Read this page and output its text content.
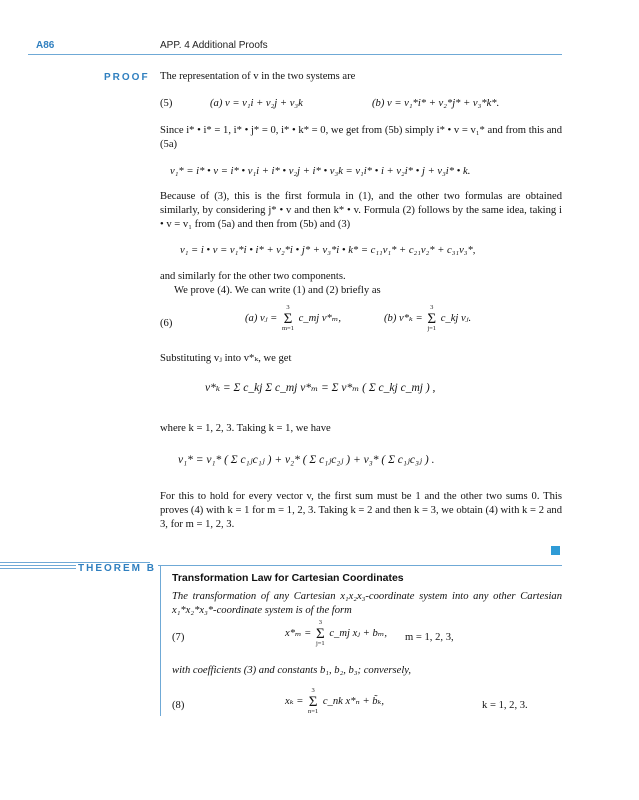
A86	APP. 4 Additional Proofs
PROOF The representation of v in the two systems are
(5)	(a) v = v₁i + v₂j + v₃k	(b) v = v₁*i* + v₂*j* + v₃*k*.
Since i* • i* = 1, i* • j* = 0, i* • k* = 0, we get from (5b) simply i* • v = v₁* and from this and (5a)
v₁* = i* • v = i* • v₁i + i* • v₂j + i* • v₃k = v₁i* • i + v₂i* • j + v₃i* • k.
Because of (3), this is the first formula in (1), and the other two formulas are obtained similarly, by considering j* • v and then k* • v. Formula (2) follows by the same idea, taking i • v = v₁ from (5a) and then from (5b) and (3)
v₁ = i • v = v₁*i • i* + v₂*i • j* + v₃*i • k* = c₁₁v₁* + c₂₁v₂* + c₃₁v₃*,
and similarly for the other two components.
We prove (4). We can write (1) and (2) briefly as
(6)	(a) vⱼ =
3
Σ
m=1
c_mj v*ₘ,	(b) v*ₖ =
3
Σ
j=1
c_kj vⱼ.
Substituting vⱼ into v*ₖ, we get
v*ₖ = Σ c_kj Σ c_mj v*ₘ = Σ v*ₘ ( Σ c_kj c_mj ) ,
where k = 1, 2, 3. Taking k = 1, we have
v₁* = v₁* ( Σ c₁ⱼc₁ⱼ ) + v₂* ( Σ c₁ⱼc₂ⱼ ) + v₃* ( Σ c₁ⱼc₃ⱼ ) .
For this to hold for every vector v, the first sum must be 1 and the other two sums 0. This proves (4) with k = 1 for m = 1, 2, 3. Taking k = 2 and then k = 3, we obtain (4) with k = 2 and 3, for m = 1, 2, 3.
THEOREM B
Transformation Law for Cartesian Coordinates
The transformation of any Cartesian x₁x₂x₃-coordinate system into any other Cartesian x₁*x₂*x₃*-coordinate system is of the form
(7)	x*ₘ =
3
Σ
j=1
c_mj xⱼ + bₘ, m = 1, 2, 3,
with coefficients (3) and constants b₁, b₂, b₃; conversely,
(8)	xₖ =
3
Σ
n=1
c_nk x*ₙ + b̃ₖ,	k = 1, 2, 3.
